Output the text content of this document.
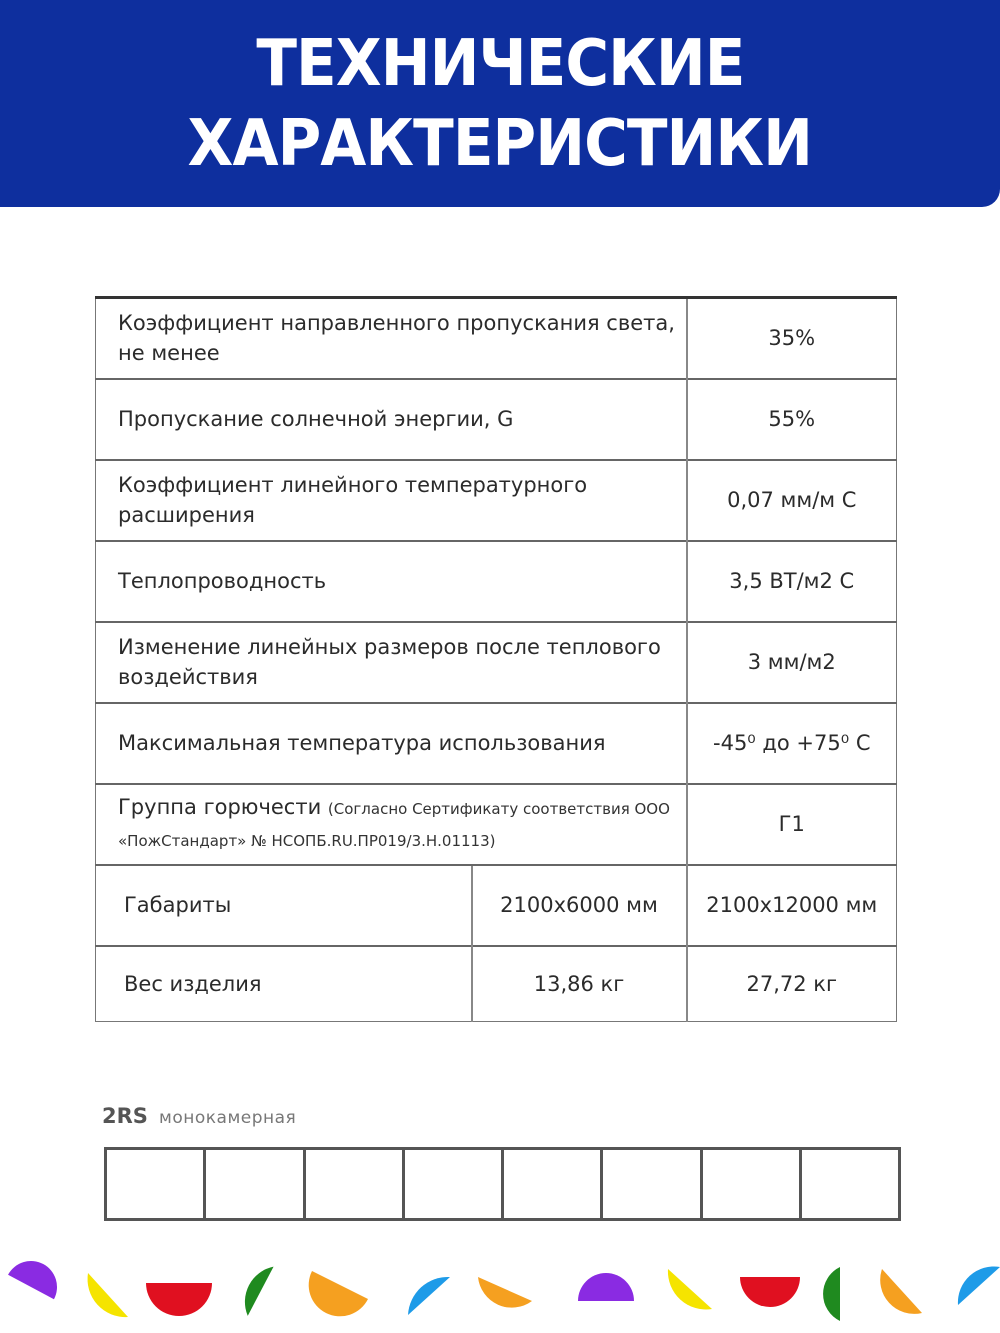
ТЕХНИЧЕСКИЕ
ХАРАКТЕРИСТИКИ
Коэффициент направленного пропускания света, не менее		35%
Пропускание солнечной энергии, G		55%
Коэффициент линейного температурного расширения		0,07 мм/м С
Теплопроводность		3,5 ВТ/м2 С
Изменение линейных размеров после теплового воздействия		3 мм/м2
Максимальная температура использования		-45⁰ до +75⁰ С
Группа горючести (Согласно Сертификату соответствия ООО «ПожСтандарт» № НСОПБ.RU.ПР019/3.Н.01113)		Г1
Габариты	2100х6000 мм	2100х12000 мм
Вес изделия	13,86 кг	27,72 кг
2RS монокамерная
